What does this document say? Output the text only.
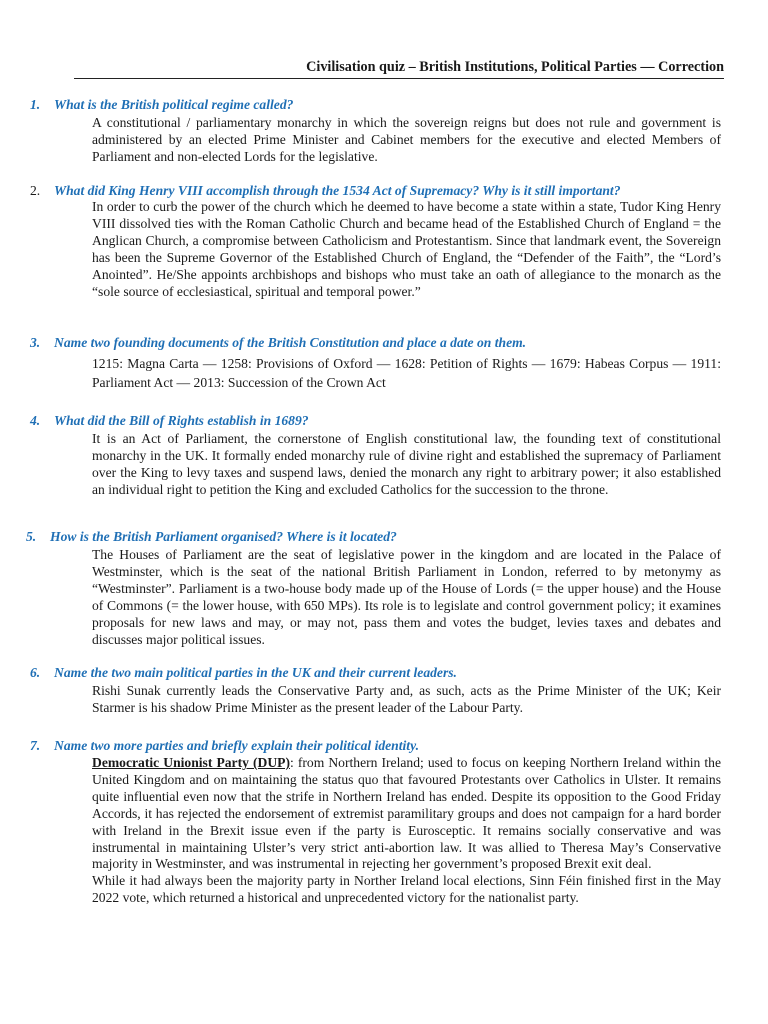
Civilisation quiz – British Institutions, Political Parties — Correction
1. What is the British political regime called?
A constitutional / parliamentary monarchy in which the sovereign reigns but does not rule and government is administered by an elected Prime Minister and Cabinet members for the executive and elected Members of Parliament and non-elected Lords for the legislative.
2. What did King Henry VIII accomplish through the 1534 Act of Supremacy? Why is it still important?
In order to curb the power of the church which he deemed to have become a state within a state, Tudor King Henry VIII dissolved ties with the Roman Catholic Church and became head of the Established Church of England = the Anglican Church, a compromise between Catholicism and Protestantism. Since that landmark event, the Sovereign has been the Supreme Governor of the Established Church of England, the “Defender of the Faith”, the “Lord’s Anointed”. He/She appoints archbishops and bishops who must take an oath of allegiance to the monarch as the “sole source of ecclesiastical, spiritual and temporal power.”
3. Name two founding documents of the British Constitution and place a date on them.
1215: Magna Carta — 1258: Provisions of Oxford — 1628: Petition of Rights — 1679: Habeas Corpus — 1911: Parliament Act — 2013: Succession of the Crown Act
4. What did the Bill of Rights establish in 1689?
It is an Act of Parliament, the cornerstone of English constitutional law, the founding text of constitutional monarchy in the UK. It formally ended monarchy rule of divine right and established the supremacy of Parliament over the King to levy taxes and suspend laws, denied the monarch any right to arbitrary power; it also established an individual right to petition the King and excluded Catholics for the succession to the throne.
5. How is the British Parliament organised? Where is it located?
The Houses of Parliament are the seat of legislative power in the kingdom and are located in the Palace of Westminster, which is the seat of the national British Parliament in London, referred to by metonymy as “Westminster”. Parliament is a two-house body made up of the House of Lords (= the upper house) and the House of Commons (= the lower house, with 650 MPs). Its role is to legislate and control government policy; it examines proposals for new laws and may, or may not, pass them and votes the budget, levies taxes and debates and discusses major political issues.
6. Name the two main political parties in the UK and their current leaders.
Rishi Sunak currently leads the Conservative Party and, as such, acts as the Prime Minister of the UK; Keir Starmer is his shadow Prime Minister as the present leader of the Labour Party.
7. Name two more parties and briefly explain their political identity.

Democratic Unionist Party (DUP): from Northern Ireland; used to focus on keeping Northern Ireland within the United Kingdom and on maintaining the status quo that favoured Protestants over Catholics in Ulster. It remains quite influential even now that the strife in Northern Ireland has ended. Despite its opposition to the Good Friday Accords, it has rejected the endorsement of extremist paramilitary groups and does not campaign for a hard border with Ireland in the Brexit issue even if the party is Eurosceptic. It remains socially conservative and was instrumental in maintaining Ulster’s very strict anti-abortion law. It was allied to Theresa May’s Conservative majority in Westminster, and was instrumental in rejecting her government’s proposed Brexit exit deal.

While it had always been the majority party in Norther Ireland local elections, Sinn Féin finished first in the May 2022 vote, which returned a historical and unprecedented victory for the nationalist party.
